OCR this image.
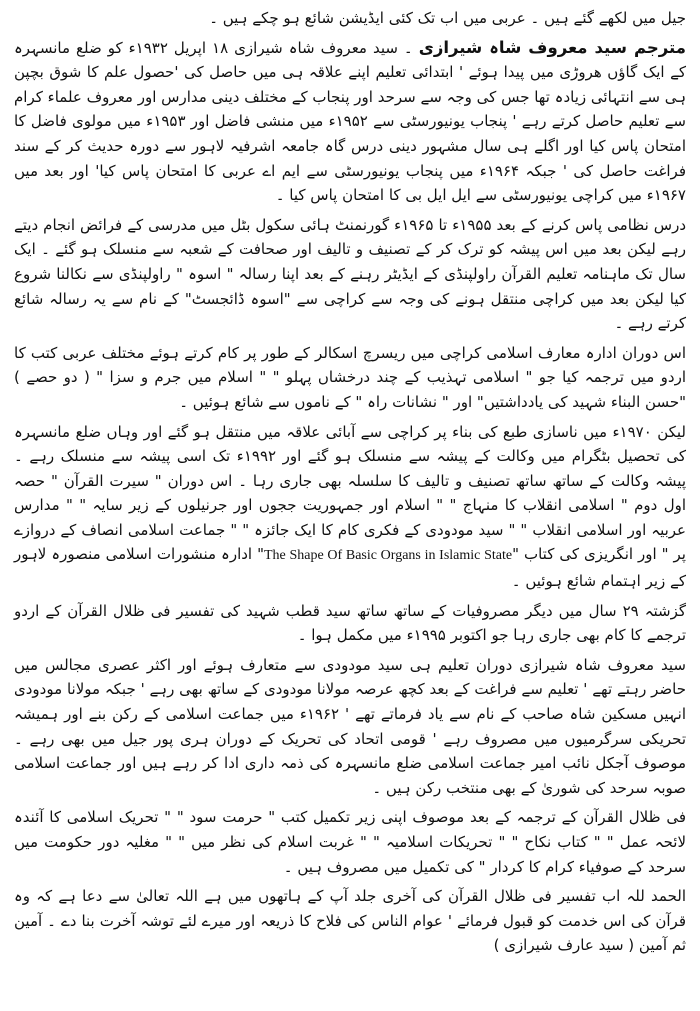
جیل میں لکھے گئے ہیں ۔ عربی میں اب تک کئی ایڈیشن شائع ہو چکے ہیں ۔

مترجم سید معروف شاہ شیرازی ۔ سید معروف شاہ شیرازی ۱۸ اپریل ۱۹۳۲ء کو ضلع مانسہرہ کے ایک گاؤں ھروڑی میں پیدا ہوئے ' ابتدائی تعلیم اپنے علاقہ ہی میں حاصل کی 'حصول علم کا شوق بچپن ہی سے انتہائی زیادہ تھا جس کی وجہ سے سرحد اور پنجاب کے مختلف دینی مدارس اور معروف علماء کرام سے تعلیم حاصل کرتے رہے ' پنجاب یونیورسٹی سے ۱۹۵۲ء میں منشی فاضل اور ۱۹۵۳ء میں مولوی فاضل کا امتحان پاس کیا اور اگلے ہی سال مشہور دینی درس گاہ جامعہ اشرفیہ لاہور سے دورہ حدیث کر کے سند فراغت حاصل کی ' جبکہ ۱۹۶۴ء میں پنجاب یونیورسٹی سے ایم اے عربی کا امتحان پاس کیا' اور بعد میں ۱۹۶۷ء میں کراچی یونیورسٹی سے ایل ایل بی کا امتحان پاس کیا ۔

درس نظامی پاس کرنے کے بعد ۱۹۵۵ء تا ۱۹۶۵ء گورنمنٹ ہائی سکول بٹل میں مدرسی کے فرائض انجام دیتے رہے لیکن بعد میں اس پیشہ کو ترک کر کے تصنیف و تالیف اور صحافت کے شعبہ سے منسلک ہو گئے ۔ ایک سال تک ماہنامہ تعلیم القرآن راولپنڈی کے ایڈیٹر رہنے کے بعد اپنا رسالہ " اسوہ " راولپنڈی سے نکالنا شروع کیا لیکن بعد میں کراچی منتقل ہونے کی وجہ سے کراچی سے "اسوہ ڈائجسٹ" کے نام سے یہ رسالہ شائع کرتے رہے ۔

اس دوران ادارہ معارف اسلامی کراچی میں ریسرچ اسکالر کے طور پر کام کرتے ہوئے مختلف عربی کتب کا اردو میں ترجمہ کیا جو " اسلامی تہذیب کے چند درخشاں پہلو " " اسلام میں جرم و سزا " ( دو حصے ) "حسن البناء شہید کی یادداشتیں" اور " نشانات راہ " کے ناموں سے شائع ہوئیں ۔

لیکن ۱۹۷۰ء میں ناسازی طبع کی بناء پر کراچی سے آبائی علاقہ میں منتقل ہو گئے اور وہاں ضلع مانسہرہ کی تحصیل بٹگرام میں وکالت کے پیشہ سے منسلک ہو گئے اور ۱۹۹۲ء تک اسی پیشہ سے منسلک رہے ۔ پیشہ وکالت کے ساتھ ساتھ تصنیف و تالیف کا سلسلہ بھی جاری رہا ۔ اس دوران " سیرت القرآن " حصہ اول دوم " اسلامی انقلاب کا منہاج " " اسلام اور جمہوریت ججوں اور جرنیلوں کے زیر سایہ " " مدارس عربیہ اور اسلامی انقلاب " " سید مودودی کے فکری کام کا ایک جائزہ " " جماعت اسلامی انصاف کے دروازے پر " اور انگریزی کی کتاب "The Shape Of Basic Organs in Islamic State" ادارہ منشورات اسلامی منصورہ لاہور کے زیر اہتمام شائع ہوئیں ۔

گزشتہ ۲۹ سال میں دیگر مصروفیات کے ساتھ ساتھ سید قطب شہید کی تفسیر فی ظلال القرآن کے اردو ترجمے کا کام بھی جاری رہا جو اکتوبر ۱۹۹۵ء میں مکمل ہوا ۔

سید معروف شاہ شیرازی دوران تعلیم ہی سید مودودی سے متعارف ہوئے اور اکثر عصری مجالس میں حاضر رہتے تھے ' تعلیم سے فراغت کے بعد کچھ عرصہ مولانا مودودی کے ساتھ بھی رہے ' جبکہ مولانا مودودی انہیں مسکین شاہ صاحب کے نام سے یاد فرماتے تھے ' ۱۹۶۲ء میں جماعت اسلامی کے رکن بنے اور ہمیشہ تحریکی سرگرمیوں میں مصروف رہے ' قومی اتحاد کی تحریک کے دوران ہری پور جیل میں بھی رہے ۔ موصوف آجکل نائب امیر جماعت اسلامی ضلع مانسہرہ کی ذمہ داری ادا کر رہے ہیں اور جماعت اسلامی صوبہ سرحد کی شوریٰ کے بھی منتخب رکن ہیں ۔

فی ظلال القرآن کے ترجمہ کے بعد موصوف اپنی زیر تکمیل کتب " حرمت سود " " تحریک اسلامی کا آئندہ لائحہ عمل " " کتاب نکاح " " تحریکات اسلامیہ " " غربت اسلام کی نظر میں " " مغلیہ دور حکومت میں سرحد کے صوفیاء کرام کا کردار " کی تکمیل میں مصروف ہیں ۔

الحمد للہ اب تفسیر فی ظلال القرآن کی آخری جلد آپ کے ہاتھوں میں ہے اللہ تعالیٰ سے دعا ہے کہ وہ قرآن کی اس خدمت کو قبول فرمائے ' عوام الناس کی فلاح کا ذریعہ اور میرے لئے توشہ آخرت بنا دے ۔ آمین ثم آمین ( سید عارف شیرازی )
